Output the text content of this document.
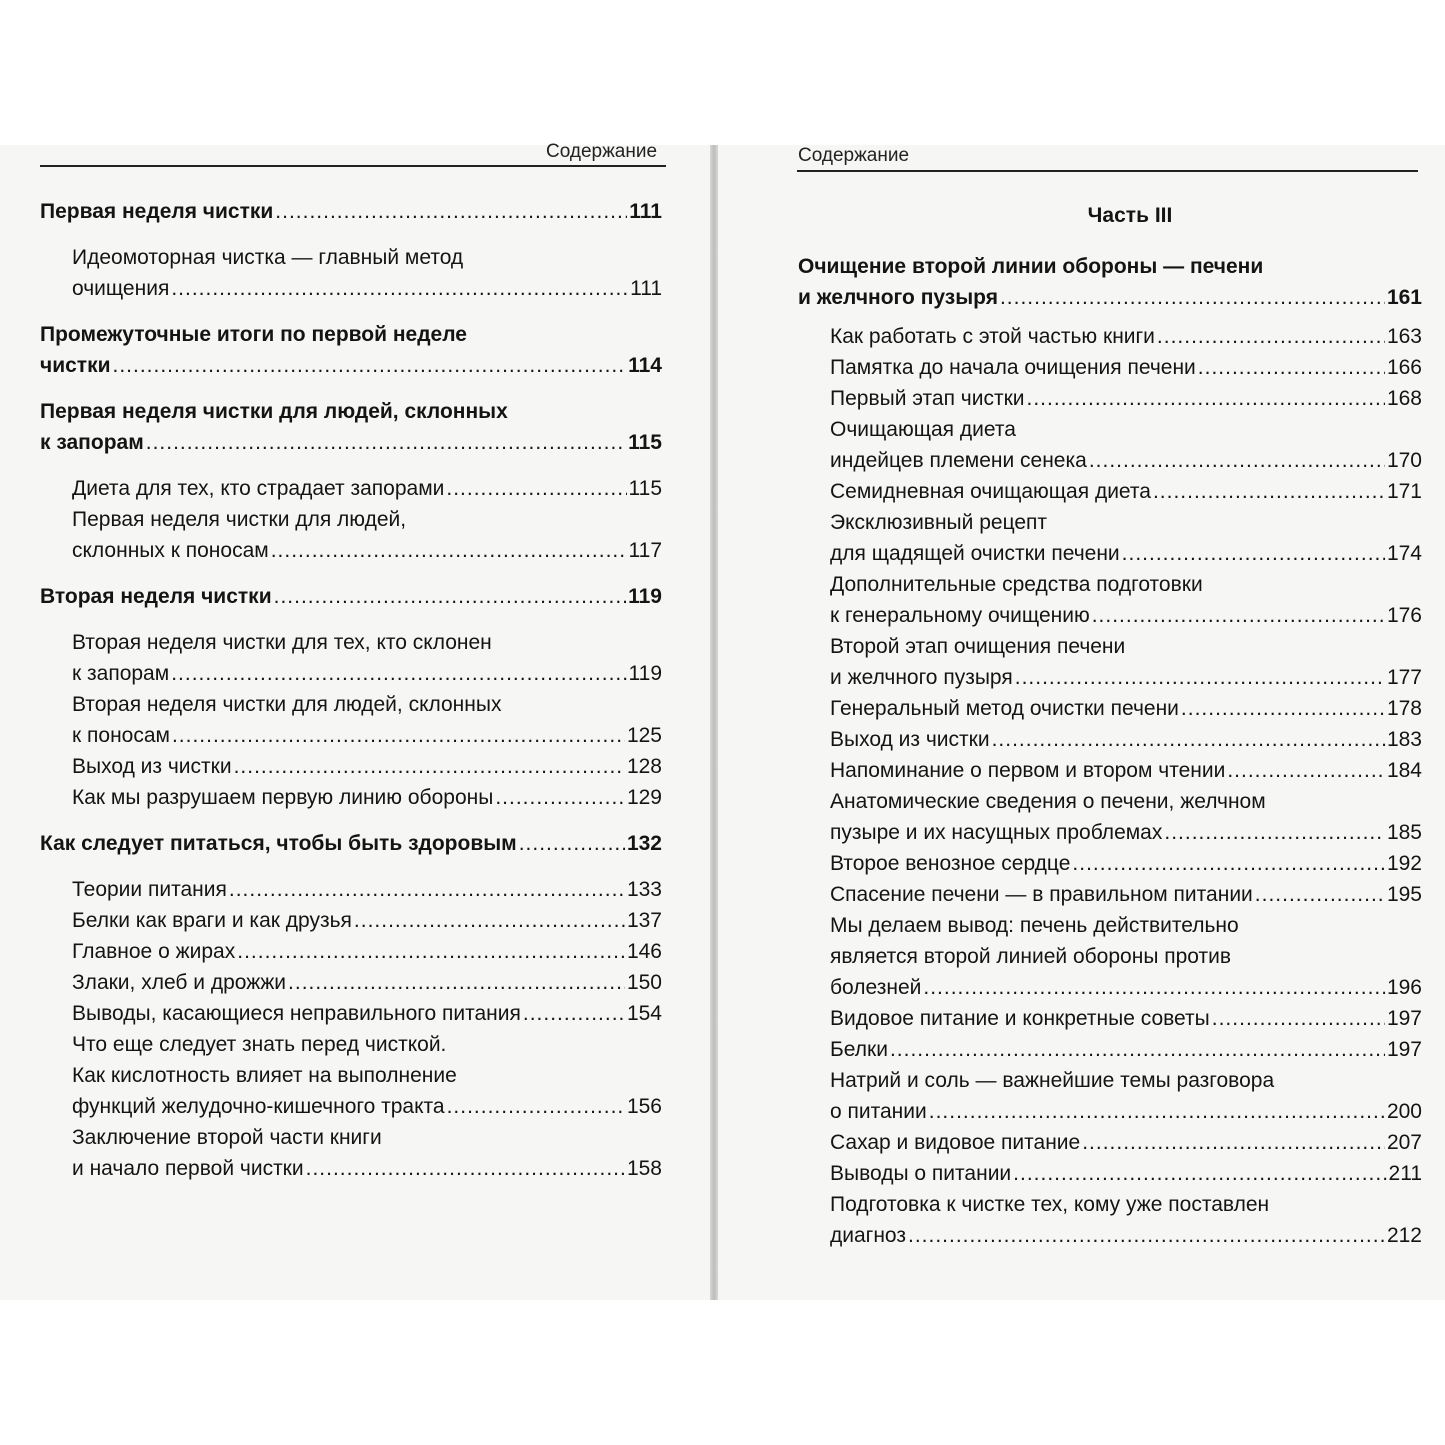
Содержание	Содержание
Первая неделя чистки .....	111
Идеомоторная чистка — главный метод
очищения .....	111
Промежуточные итоги по первой неделе
чистки .....	114
Первая неделя чистки для людей, склонных
к запорам .....	115
Диета для тех, кто страдает запорами .....	115
Первая неделя чистки для людей,
склонных к поносам .....	117
Вторая неделя чистки .....	119
Вторая неделя чистки для тех, кто склонен
к запорам .....	119
Вторая неделя чистки для людей, склонных
к поносам .....	125
Выход из чистки .....	128
Как мы разрушаем первую линию обороны .....	129
Как следует питаться, чтобы быть здоровым .....	132
Теории питания .....	133
Белки как враги и как друзья .....	137
Главное о жирах .....	146
Злаки, хлеб и дрожжи .....	150
Выводы, касающиеся неправильного питания .....	154
Что еще следует знать перед чисткой.
Как кислотность влияет на выполнение
функций желудочно-кишечного тракта .....	156
Заключение второй части книги
и начало первой чистки .....	158
Часть III
Очищение второй линии обороны — печени
и желчного пузыря .....	161
Как работать с этой частью книги .....	163
Памятка до начала очищения печени .....	166
Первый этап чистки .....	168
Очищающая диета
индейцев племени сенека .....	170
Семидневная очищающая диета .....	171
Эксклюзивный рецепт
для щадящей очистки печени .....	174
Дополнительные средства подготовки
к генеральному очищению .....	176
Второй этап очищения печени
и желчного пузыря .....	177
Генеральный метод очистки печени .....	178
Выход из чистки .....	183
Напоминание о первом и втором чтении .....	184
Анатомические сведения о печени, желчном
пузыре и их насущных проблемах .....	185
Второе венозное сердце .....	192
Спасение печени — в правильном питании .....	195
Мы делаем вывод: печень действительно
является второй линией обороны против
болезней .....	196
Видовое питание и конкретные советы .....	197
Белки .....	197
Натрий и соль — важнейшие темы разговора
о питании .....	200
Сахар и видовое питание .....	207
Выводы о питании .....	211
Подготовка к чистке тех, кому уже поставлен
диагноз .....	212
